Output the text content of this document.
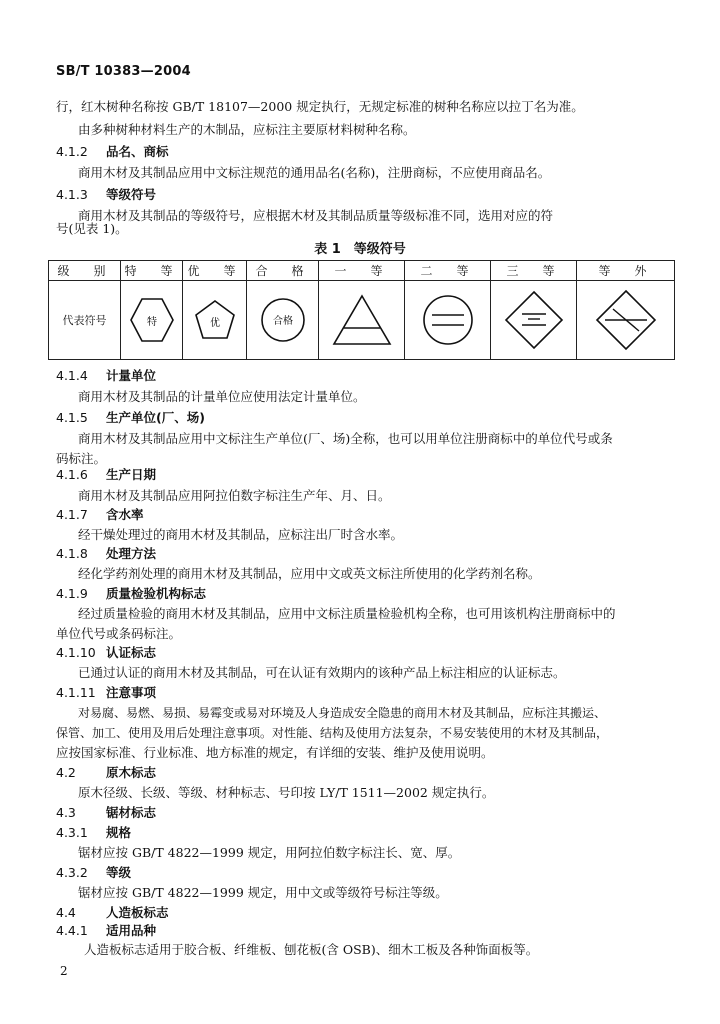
SB/T 10383—2004
行，红木树种名称按 GB/T 18107—2000 规定执行，无规定标准的树种名称应以拉丁名为准。
由多种树种材料生产的木制品，应标注主要原材料树种名称。
4.1.2 品名、商标
商用木材及其制品应用中文标注规范的通用品名(名称)，注册商标，不应使用商品名。
4.1.3 等级符号
商用木材及其制品的等级符号，应根据木材及其制品质量等级标准不同，选用对应的符
号(见表 1)。
表 1　等级符号
级　别	特　等	优　等	合　格	一　等	二　等	三　等	等　外
代表符号	特	优	合格

4.1.4 计量单位
商用木材及其制品的计量单位应使用法定计量单位。
4.1.5 生产单位(厂、场)
商用木材及其制品应用中文标注生产单位(厂、场)全称，也可以用单位注册商标中的单位代号或条
码标注。
4.1.6 生产日期
商用木材及其制品应用阿拉伯数字标注生产年、月、日。
4.1.7 含水率
经干燥处理过的商用木材及其制品，应标注出厂时含水率。
4.1.8 处理方法
经化学药剂处理的商用木材及其制品，应用中文或英文标注所使用的化学药剂名称。
4.1.9 质量检验机构标志
经过质量检验的商用木材及其制品，应用中文标注质量检验机构全称，也可用该机构注册商标中的
单位代号或条码标注。
4.1.10 认证标志
已通过认证的商用木材及其制品，可在认证有效期内的该种产品上标注相应的认证标志。
4.1.11 注意事项
对易腐、易燃、易损、易霉变或易对环境及人身造成安全隐患的商用木材及其制品，应标注其搬运、
保管、加工、使用及用后处理注意事项。对性能、结构及使用方法复杂，不易安装使用的木材及其制品，
应按国家标准、行业标准、地方标准的规定，有详细的安装、维护及使用说明。
4.2 原木标志
原木径级、长级、等级、材种标志、号印按 LY/T 1511—2002 规定执行。
4.3 锯材标志
4.3.1 规格
锯材应按 GB/T 4822—1999 规定，用阿拉伯数字标注长、宽、厚。
4.3.2 等级
锯材应按 GB/T 4822—1999 规定，用中文或等级符号标注等级。
4.4 人造板标志
4.4.1 适用品种
人造板标志适用于胶合板、纤维板、刨花板(含 OSB)、细木工板及各种饰面板等。
2
